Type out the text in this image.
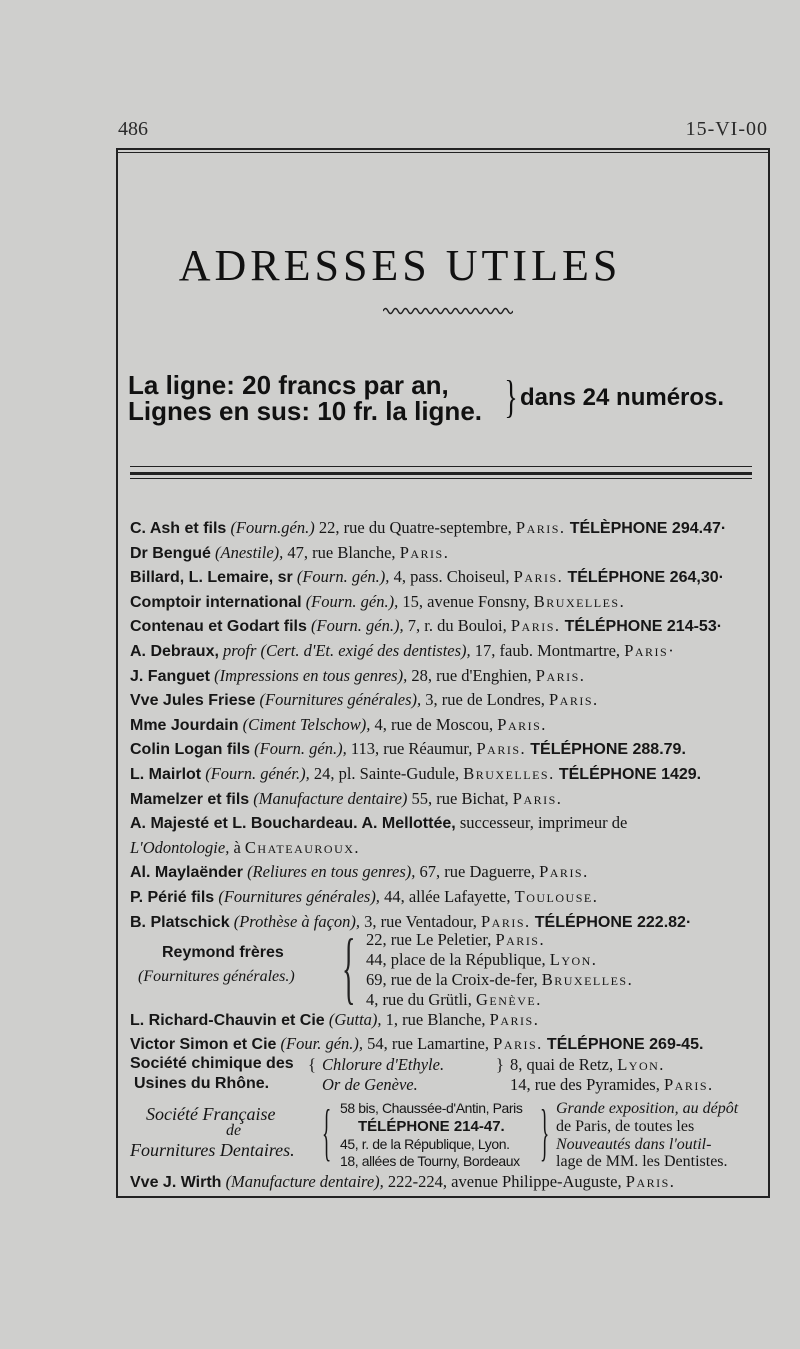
486	15-VI-00
ADRESSES UTILES
La ligne: 20 francs par an,
Lignes en sus: 10 fr. la ligne. } dans 24 numéros.
C. Ash et fils (Fourn.gén.) 22, rue du Quatre-septembre, Paris. TÉLÈPHONE 294.47·
Dr Bengué (Anestile), 47, rue Blanche, Paris.
Billard, L. Lemaire, sr (Fourn. gén.), 4, pass. Choiseul, Paris. TÉLÉPHONE 264,30·
Comptoir international (Fourn. gén.), 15, avenue Fonsny, Bruxelles.
Contenau et Godart fils (Fourn. gén.), 7, r. du Bouloi, Paris. TÉLÉPHONE 214-53·
A. Debraux, profr (Cert. d'Et. exigé des dentistes), 17, faub. Montmartre, Paris·
J. Fanguet (Impressions en tous genres), 28, rue d'Enghien, Paris.
Vve Jules Friese (Fournitures générales), 3, rue de Londres, Paris.
Mme Jourdain (Ciment Telschow), 4, rue de Moscou, Paris.
Colin Logan fils (Fourn. gén.), 113, rue Réaumur, Paris. TÉLÉPHONE 288.79.
L. Mairlot (Fourn. génér.), 24, pl. Sainte-Gudule, Bruxelles. TÉLÉPHONE 1429.
Mamelzer et fils (Manufacture dentaire) 55, rue Bichat, Paris.
A. Majesté et L. Bouchardeau. A. Mellottée, successeur, imprimeur de
L'Odontologie, à Chateauroux.
Al. Maylaënder (Reliures en tous genres), 67, rue Daguerre, Paris.
P. Périé fils (Fournitures générales), 44, allée Lafayette, Toulouse.
B. Platschick (Prothèse à façon), 3, rue Ventadour, Paris. TÉLÉPHONE 222.82·
Reymond frères
(Fournitures générales.) { 22, rue Le Peletier, Paris.
44, place de la République, Lyon.
69, rue de la Croix-de-fer, Bruxelles.
4, rue du Grütli, Genève.
L. Richard-Chauvin et Cie (Gutta), 1, rue Blanche, Paris.
Victor Simon et Cie (Four. gén.), 54, rue Lamartine, Paris. TÉLÉPHONE 269-45.
Société chimique des
Usines du Rhône.
Chlorure d'Ethyle.
Or de Genève.
{	} 8, quai de Retz, Lyon.
14, rue des Pyramides, Paris.
Société Française
de
Fournitures Dentaires. { 58 bis, Chaussée-d'Antin, Paris
TÉLÉPHONE 214-47.
45, r. de la République, Lyon.
18, allées de Tourny, Bordeaux } Grande exposition, au dépôt
de Paris, de toutes les
Nouveautés dans l'outil-
lage de MM. les Dentistes.
Vve J. Wirth (Manufacture dentaire), 222-224, avenue Philippe-Auguste, Paris.
